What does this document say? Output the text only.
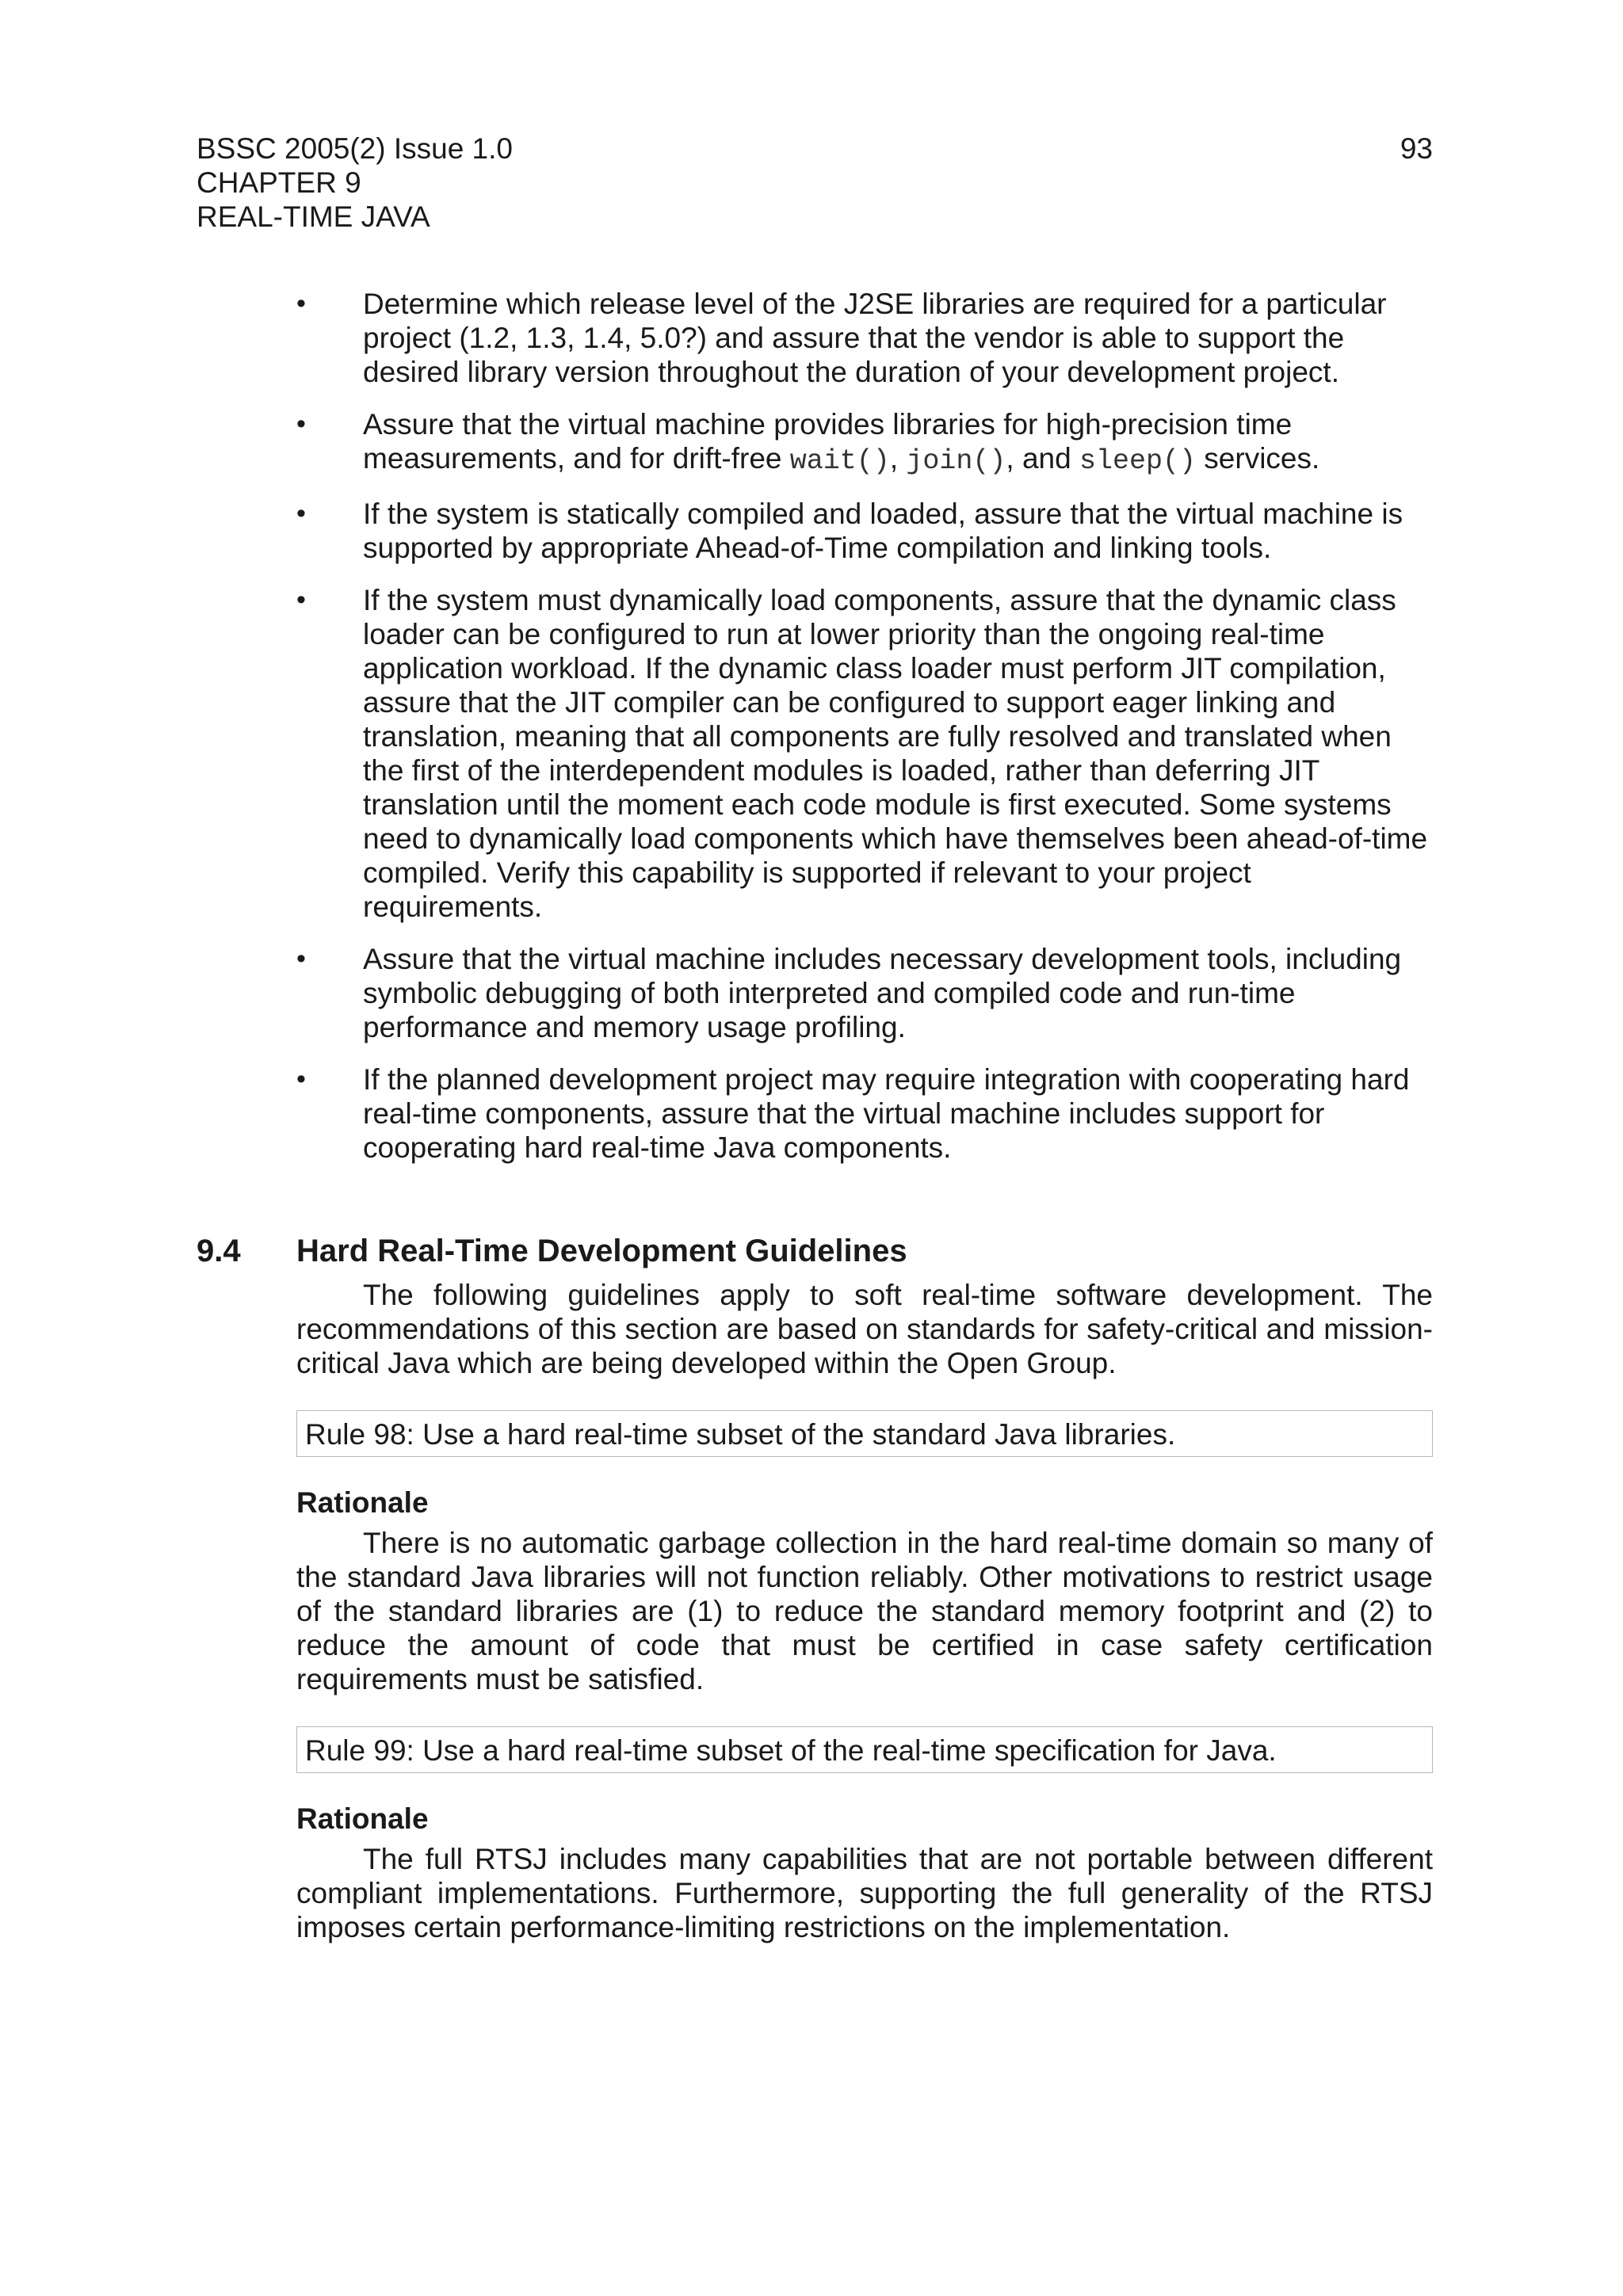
BSSC 2005(2) Issue 1.0
CHAPTER 9
REAL-TIME JAVA
93
• Determine which release level of the J2SE libraries are required for a particular project (1.2, 1.3, 1.4, 5.0?) and assure that the vendor is able to support the desired library version throughout the duration of your development project.
• Assure that the virtual machine provides libraries for high-precision time measurements, and for drift-free wait(), join(), and sleep() services.
• If the system is statically compiled and loaded, assure that the virtual machine is supported by appropriate Ahead-of-Time compilation and linking tools.
• If the system must dynamically load components, assure that the dynamic class loader can be configured to run at lower priority than the ongoing real-time application workload. If the dynamic class loader must perform JIT compilation, assure that the JIT compiler can be configured to support eager linking and translation, meaning that all components are fully resolved and translated when the first of the interdependent modules is loaded, rather than deferring JIT translation until the moment each code module is first executed. Some systems need to dynamically load components which have themselves been ahead-of-time compiled. Verify this capability is supported if relevant to your project requirements.
• Assure that the virtual machine includes necessary development tools, including symbolic debugging of both interpreted and compiled code and run-time performance and memory usage profiling.
• If the planned development project may require integration with cooperating hard real-time components, assure that the virtual machine includes support for cooperating hard real-time Java components.
9.4	Hard Real-Time Development Guidelines

The following guidelines apply to soft real-time software development. The recommendations of this section are based on standards for safety-critical and mission-critical Java which are being developed within the Open Group.

Rule 98: Use a hard real-time subset of the standard Java libraries.
Rationale

There is no automatic garbage collection in the hard real-time domain so many of the standard Java libraries will not function reliably. Other motivations to restrict usage of the standard libraries are (1) to reduce the standard memory footprint and (2) to reduce the amount of code that must be certified in case safety certification requirements must be satisfied.

Rule 99: Use a hard real-time subset of the real-time specification for Java.
Rationale

The full RTSJ includes many capabilities that are not portable between different compliant implementations. Furthermore, supporting the full generality of the RTSJ imposes certain performance-limiting restrictions on the implementation.
